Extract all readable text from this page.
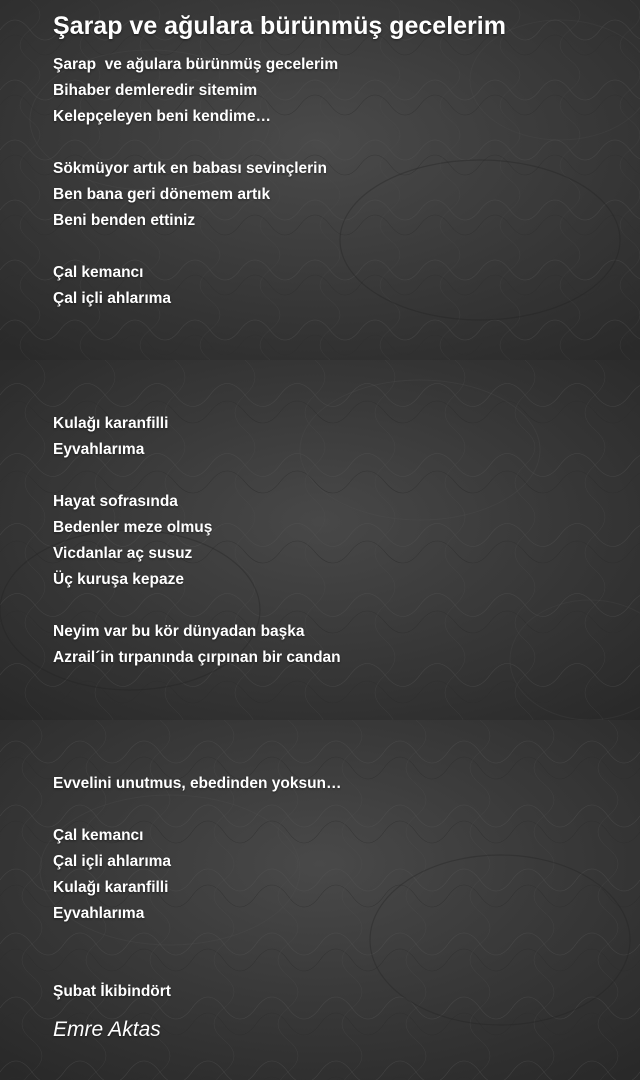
Şarap ve ağulara bürünmüş gecelerim
Şarap  ve ağulara bürünmüş gecelerim
Bihaber demleredir sitemim
Kelepçeleyen beni kendime…
Sökmüyor artık en babası sevinçlerin
Ben bana geri dönemem artık
Beni benden ettiniz
Çal kemancı
Çal içli ahlarıma
Kulağı karanfilli
Eyvahlarıma
Hayat sofrasında
Bedenler meze olmuş
Vicdanlar aç susuz
Üç kuruşa kepaze
Neyim var bu kör dünyadan başka
Azrail´in tırpanında çırpınan bir candan
Evvelini unutmus, ebedinden yoksun…
Çal kemancı
Çal içli ahlarıma
Kulağı karanfilli
Eyvahlarıma
Şubat İkibindört
Emre Aktas
